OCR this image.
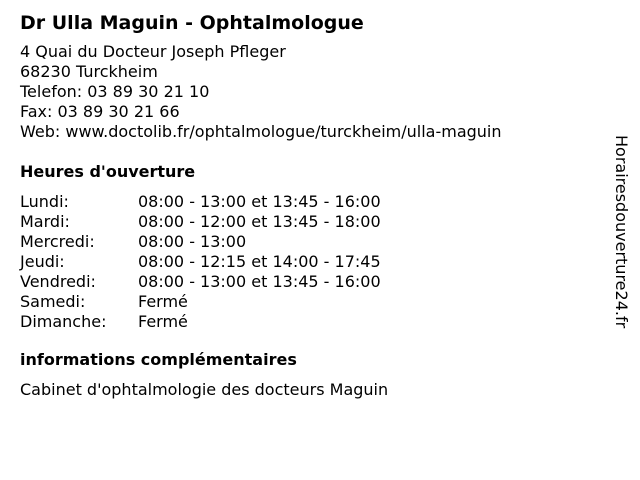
Dr Ulla Maguin - Ophtalmologue
4 Quai du Docteur Joseph Pfleger
68230 Turckheim
Telefon: 03 89 30 21 10
Fax: 03 89 30 21 66
Web: www.doctolib.fr/ophtalmologue/turckheim/ulla-maguin
Heures d'ouverture
Lundi:	08:00 - 13:00 et 13:45 - 16:00
Mardi:	08:00 - 12:00 et 13:45 - 18:00
Mercredi:	08:00 - 13:00
Jeudi:	08:00 - 12:15 et 14:00 - 17:45
Vendredi:	08:00 - 13:00 et 13:45 - 16:00
Samedi:	Fermé
Dimanche:	Fermé
informations complémentaires
Cabinet d'ophtalmologie des docteurs Maguin
Horairesdouverture24.fr
